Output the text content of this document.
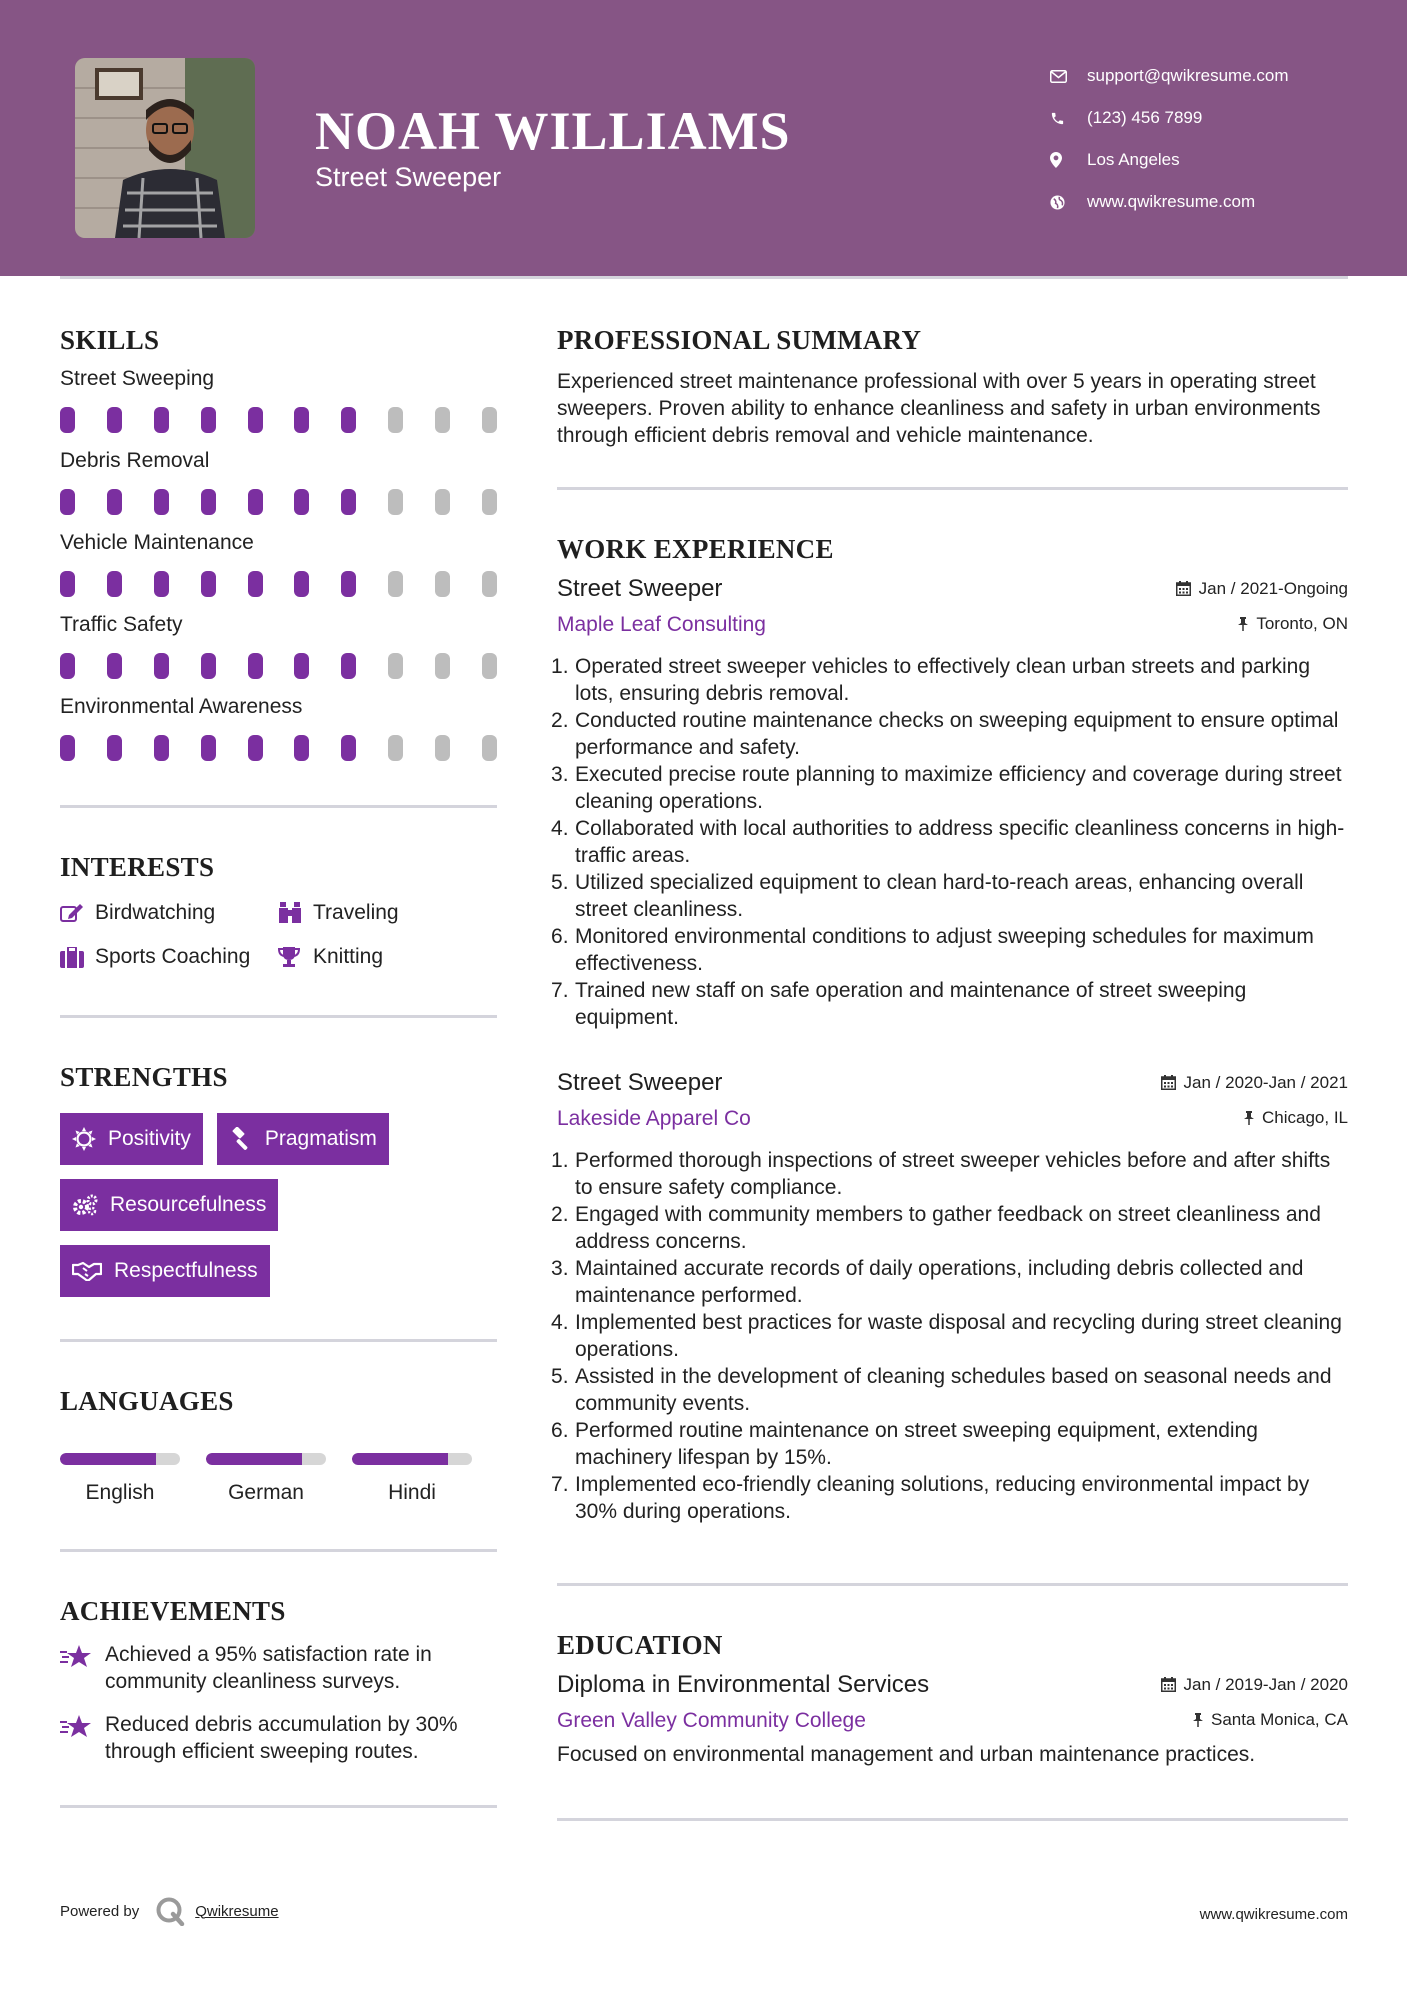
NOAH WILLIAMS
Street Sweeper
support@qwikresume.com
(123) 456 7899
Los Angeles
www.qwikresume.com
SKILLS
Street Sweeping
Debris Removal
Vehicle Maintenance
Traffic Safety
Environmental Awareness
INTERESTS
Birdwatching	Traveling
Sports Coaching	Knitting
STRENGTHS
Positivity	Pragmatism
Resourcefulness
Respectfulness
LANGUAGES
English	German	Hindi
ACHIEVEMENTS
Achieved a 95% satisfaction rate in community cleanliness surveys.
Reduced debris accumulation by 30% through efficient sweeping routes.
PROFESSIONAL SUMMARY

Experienced street maintenance professional with over 5 years in operating street sweepers. Proven ability to enhance cleanliness and safety in urban environments through efficient debris removal and vehicle maintenance.

WORK EXPERIENCE
Street Sweeper	Jan / 2021-Ongoing
Maple Leaf Consulting	Toronto, ON
Operated street sweeper vehicles to effectively clean urban streets and parking lots, ensuring debris removal.
Conducted routine maintenance checks on sweeping equipment to ensure optimal performance and safety.
Executed precise route planning to maximize efficiency and coverage during street cleaning operations.
Collaborated with local authorities to address specific cleanliness concerns in high-traffic areas.
Utilized specialized equipment to clean hard-to-reach areas, enhancing overall street cleanliness.
Monitored environmental conditions to adjust sweeping schedules for maximum effectiveness.
Trained new staff on safe operation and maintenance of street sweeping equipment.
Street Sweeper	Jan / 2020-Jan / 2021
Lakeside Apparel Co	Chicago, IL
Performed thorough inspections of street sweeper vehicles before and after shifts to ensure safety compliance.
Engaged with community members to gather feedback on street cleanliness and address concerns.
Maintained accurate records of daily operations, including debris collected and maintenance performed.
Implemented best practices for waste disposal and recycling during street cleaning operations.
Assisted in the development of cleaning schedules based on seasonal needs and community events.
Performed routine maintenance on street sweeping equipment, extending machinery lifespan by 15%.
Implemented eco-friendly cleaning solutions, reducing environmental impact by 30% during operations.
EDUCATION
Diploma in Environmental Services	Jan / 2019-Jan / 2020
Green Valley Community College	Santa Monica, CA

Focused on environmental management and urban maintenance practices.

Powered by	Qwikresume	www.qwikresume.com
